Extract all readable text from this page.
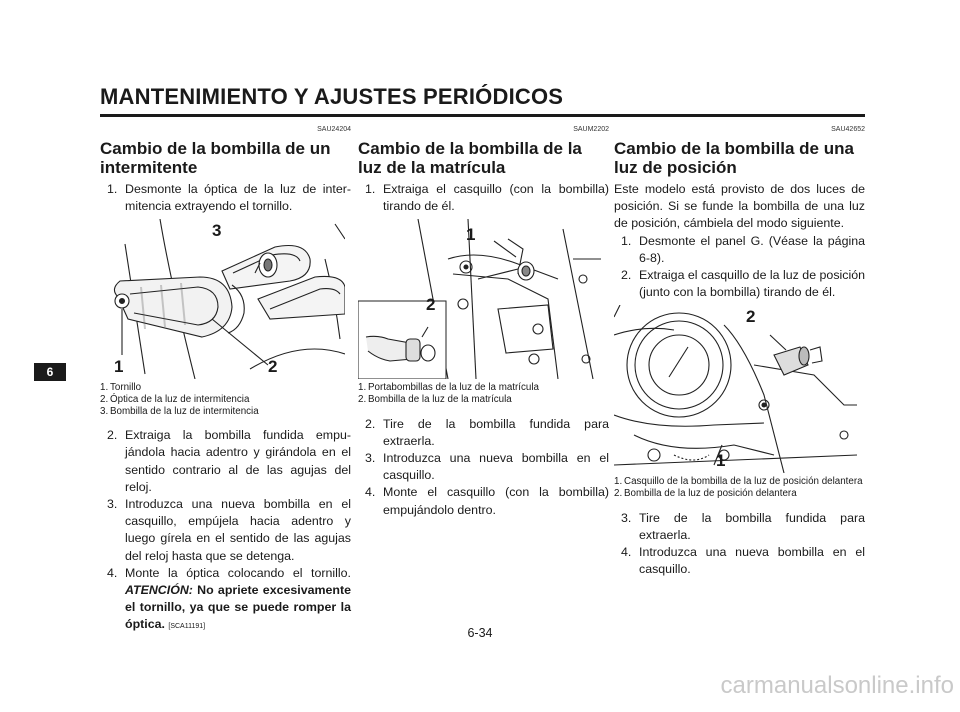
MANTENIMIENTO Y AJUSTES PERIÓDICOS
6
SAU24204
Cambio de la bombilla de un intermitente
1. Desmonte la óptica de la luz de intermitencia extrayendo el tornillo.
3
1	2
1. Tornillo
2. Óptica de la luz de intermitencia
3. Bombilla de la luz de intermitencia
2. Extraiga la bombilla fundida empujándola hacia adentro y girándola en el sentido contrario al de las agujas del reloj.
3. Introduzca una nueva bombilla en el casquillo, empújela hacia adentro y luego gírela en el sentido de las agujas del reloj hasta que se detenga.
4. Monte la óptica colocando el tornillo. ATENCIÓN: No apriete excesivamente el tornillo, ya que se puede romper la óptica. [SCA11191]
SAUM2202
Cambio de la bombilla de la luz de la matrícula
1. Extraiga el casquillo (con la bombilla) tirando de él.
1
2
1. Portabombillas de la luz de la matrícula
2. Bombilla de la luz de la matrícula
2. Tire de la bombilla fundida para extraerla.
3. Introduzca una nueva bombilla en el casquillo.
4. Monte el casquillo (con la bombilla) empujándolo dentro.
SAU42652
Cambio de la bombilla de una luz de posición
Este modelo está provisto de dos luces de posición. Si se funde la bombilla de una luz de posición, cámbiela del modo siguiente.
1. Desmonte el panel G. (Véase la página 6-8).
2. Extraiga el casquillo de la luz de posición (junto con la bombilla) tirando de él.
2
1
1. Casquillo de la bombilla de la luz de posición delantera
2. Bombilla de la luz de posición delantera
3. Tire de la bombilla fundida para extraerla.
4. Introduzca una nueva bombilla en el casquillo.
6-34
carmanualsonline.info
